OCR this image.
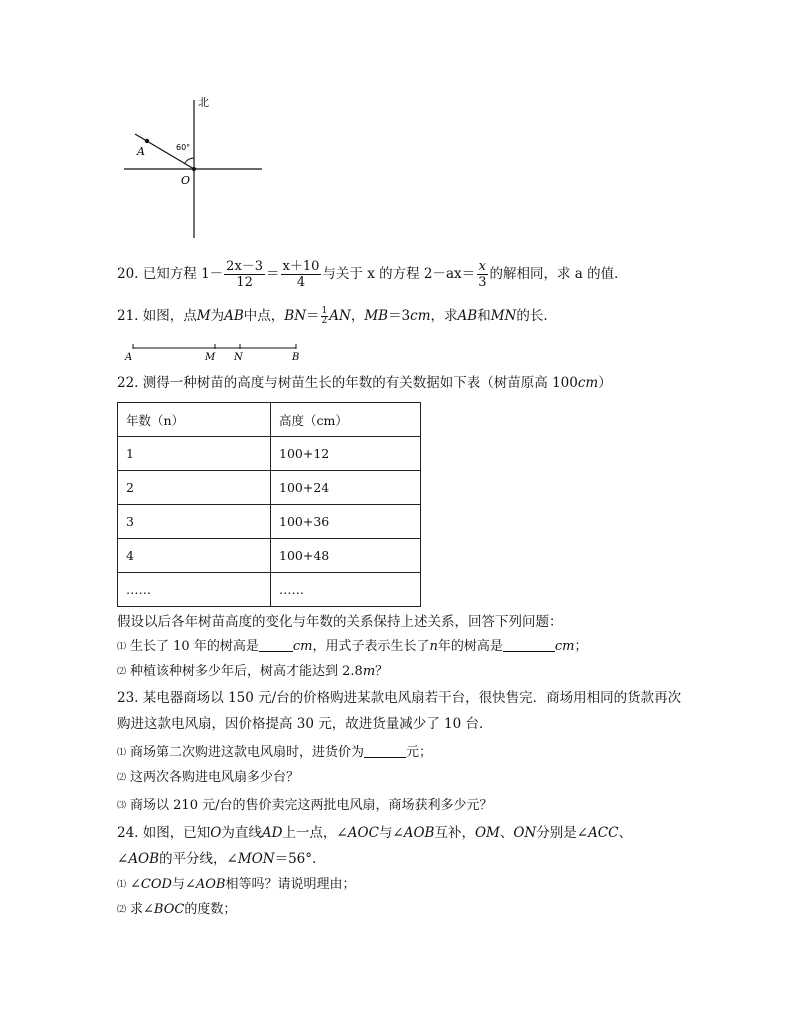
北
A	60°
O
20. 已知方程 $1- \frac{2x-3}{12} = \frac{x+10}{4}$ 与关于 x 的方程 $2-ax= \frac{x}{3}$ 的解相同，求 a 的值．
21. 如图，点M为AB中点，$BN= \frac{1}{2}$ AN，MB＝3cm，求AB和MN的长.
A	M N	B
22. 测得一种树苗的高度与树苗生长的年数的有关数据如下表（树苗原高 100cm）
年数（n）	高度（cm）
1	100+12
2	100+24
3	100+36
4	100+48
……	……
假设以后各年树苗高度的变化与年数的关系保持上述关系，回答下列问题：
⑴ 生长了 10 年的树高是	cm，用式子表示生长了n年的树高是	cm；
⑵ 种植该种树多少年后，树高才能达到 2.8m？
23. 某电器商场以 150 元/台的价格购进某款电风扇若干台，很快售完．商场用相同的货款再次
购进这款电风扇，因价格提高 30 元，故进货量减少了 10 台．
⑴ 商场第二次购进这款电风扇时，进货价为	元；
⑵ 这两次各购进电风扇多少台？
⑶ 商场以 210 元/台的售价卖完这两批电风扇，商场获利多少元？
24. 如图，已知O为直线AD上一点，∠AOC与∠AOB互补，OM、ON分别是∠ACC、
∠AOB的平分线，∠MON＝56°.
⑴ ∠COD与∠AOB相等吗？请说明理由；
⑵ 求∠BOC的度数；
